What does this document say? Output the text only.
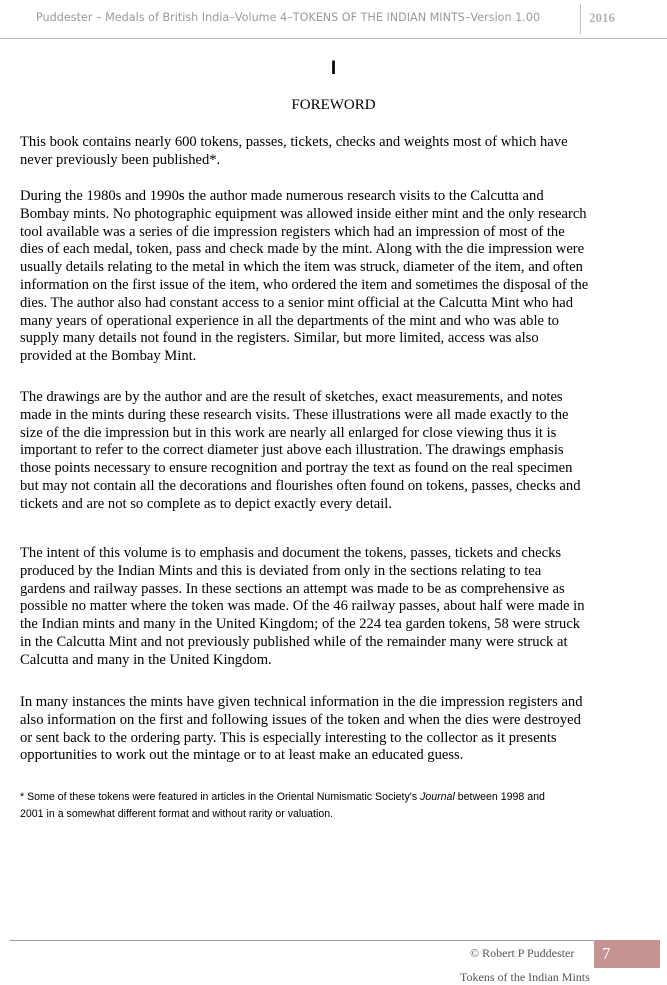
Puddester – Medals of British India–Volume 4–TOKENS OF THE INDIAN MINTS–Version 1.00	2016
I
FOREWORD

This book contains nearly 600 tokens, passes, tickets, checks and weights most of which have
never previously been published*.

During the 1980s and 1990s the author made numerous research visits to the Calcutta and
Bombay mints. No photographic equipment was allowed inside either mint and the only research
tool available was a series of die impression registers which had an impression of most of the
dies of each medal, token, pass and check made by the mint. Along with the die impression were
usually details relating to the metal in which the item was struck, diameter of the item, and often
information on the first issue of the item, who ordered the item and sometimes the disposal of the
dies. The author also had constant access to a senior mint official at the Calcutta Mint who had
many years of operational experience in all the departments of the mint and who was able to
supply many details not found in the registers. Similar, but more limited, access was also
provided at the Bombay Mint.

The drawings are by the author and are the result of sketches, exact measurements, and notes
made in the mints during these research visits. These illustrations were all made exactly to the
size of the die impression but in this work are nearly all enlarged for close viewing thus it is
important to refer to the correct diameter just above each illustration. The drawings emphasis
those points necessary to ensure recognition and portray the text as found on the real specimen
but may not contain all the decorations and flourishes often found on tokens, passes, checks and
tickets and are not so complete as to depict exactly every detail.

The intent of this volume is to emphasis and document the tokens, passes, tickets and checks
produced by the Indian Mints and this is deviated from only in the sections relating to tea
gardens and railway passes. In these sections an attempt was made to be as comprehensive as
possible no matter where the token was made. Of the 46 railway passes, about half were made in
the Indian mints and many in the United Kingdom; of the 224 tea garden tokens, 58 were struck
in the Calcutta Mint and not previously published while of the remainder many were struck at
Calcutta and many in the United Kingdom.

In many instances the mints have given technical information in the die impression registers and
also information on the first and following issues of the token and when the dies were destroyed
or sent back to the ordering party. This is especially interesting to the collector as it presents
opportunities to work out the mintage or to at least make an educated guess.

* Some of these tokens were featured in articles in the Oriental Numismatic Society's Journal between 1998 and
2001 in a somewhat different format and without rarity or valuation.
© Robert P Puddester 7
Tokens of the Indian Mints
